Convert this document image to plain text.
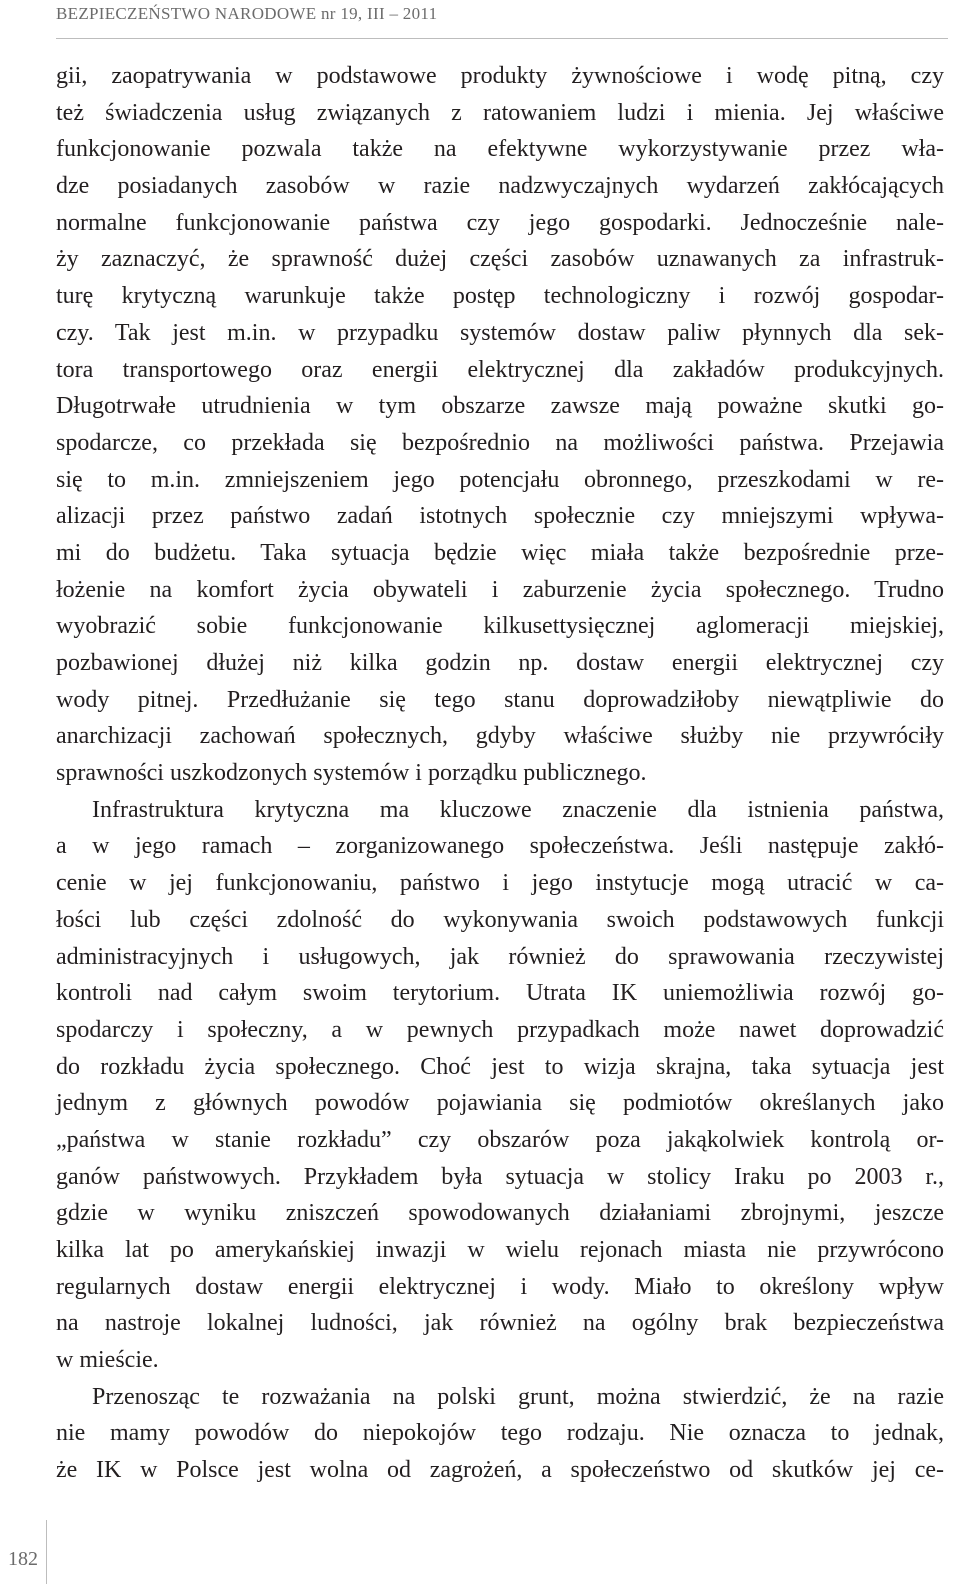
BEZPIECZEŃSTWO NARODOWE nr 19, III – 2011
gii, zaopatrywania w podstawowe produkty żywnościowe i wodę pitną, czy
też świadczenia usług związanych z ratowaniem ludzi i mienia. Jej właściwe
funkcjonowanie pozwala także na efektywne wykorzystywanie przez wła-
dze posiadanych zasobów w razie nadzwyczajnych wydarzeń zakłócających
normalne funkcjonowanie państwa czy jego gospodarki. Jednocześnie nale-
ży zaznaczyć, że sprawność dużej części zasobów uznawanych za infrastruk-
turę krytyczną warunkuje także postęp technologiczny i rozwój gospodar-
czy. Tak jest m.in. w przypadku systemów dostaw paliw płynnych dla sek-
tora transportowego oraz energii elektrycznej dla zakładów produkcyjnych.
Długotrwałe utrudnienia w tym obszarze zawsze mają poważne skutki go-
spodarcze, co przekłada się bezpośrednio na możliwości państwa. Przejawia
się to m.in. zmniejszeniem jego potencjału obronnego, przeszkodami w re-
alizacji przez państwo zadań istotnych społecznie czy mniejszymi wpływa-
mi do budżetu. Taka sytuacja będzie więc miała także bezpośrednie prze-
łożenie na komfort życia obywateli i zaburzenie życia społecznego. Trudno
wyobrazić sobie funkcjonowanie kilkusettysięcznej aglomeracji miejskiej,
pozbawionej dłużej niż kilka godzin np. dostaw energii elektrycznej czy
wody pitnej. Przedłużanie się tego stanu doprowadziłoby niewątpliwie do
anarchizacji zachowań społecznych, gdyby właściwe służby nie przywróciły
sprawności uszkodzonych systemów i porządku publicznego.
Infrastruktura krytyczna ma kluczowe znaczenie dla istnienia państwa,
a w jego ramach – zorganizowanego społeczeństwa. Jeśli następuje zakłó-
cenie w jej funkcjonowaniu, państwo i jego instytucje mogą utracić w ca-
łości lub części zdolność do wykonywania swoich podstawowych funkcji
administracyjnych i usługowych, jak również do sprawowania rzeczywistej
kontroli nad całym swoim terytorium. Utrata IK uniemożliwia rozwój go-
spodarczy i społeczny, a w pewnych przypadkach może nawet doprowadzić
do rozkładu życia społecznego. Choć jest to wizja skrajna, taka sytuacja jest
jednym z głównych powodów pojawiania się podmiotów określanych jako
„państwa w stanie rozkładu” czy obszarów poza jakąkolwiek kontrolą or-
ganów państwowych. Przykładem była sytuacja w stolicy Iraku po 2003 r.,
gdzie w wyniku zniszczeń spowodowanych działaniami zbrojnymi, jeszcze
kilka lat po amerykańskiej inwazji w wielu rejonach miasta nie przywrócono
regularnych dostaw energii elektrycznej i wody. Miało to określony wpływ
na nastroje lokalnej ludności, jak również na ogólny brak bezpieczeństwa
w mieście.
Przenosząc te rozważania na polski grunt, można stwierdzić, że na razie
nie mamy powodów do niepokojów tego rodzaju. Nie oznacza to jednak,
że IK w Polsce jest wolna od zagrożeń, a społeczeństwo od skutków jej ce-
182
